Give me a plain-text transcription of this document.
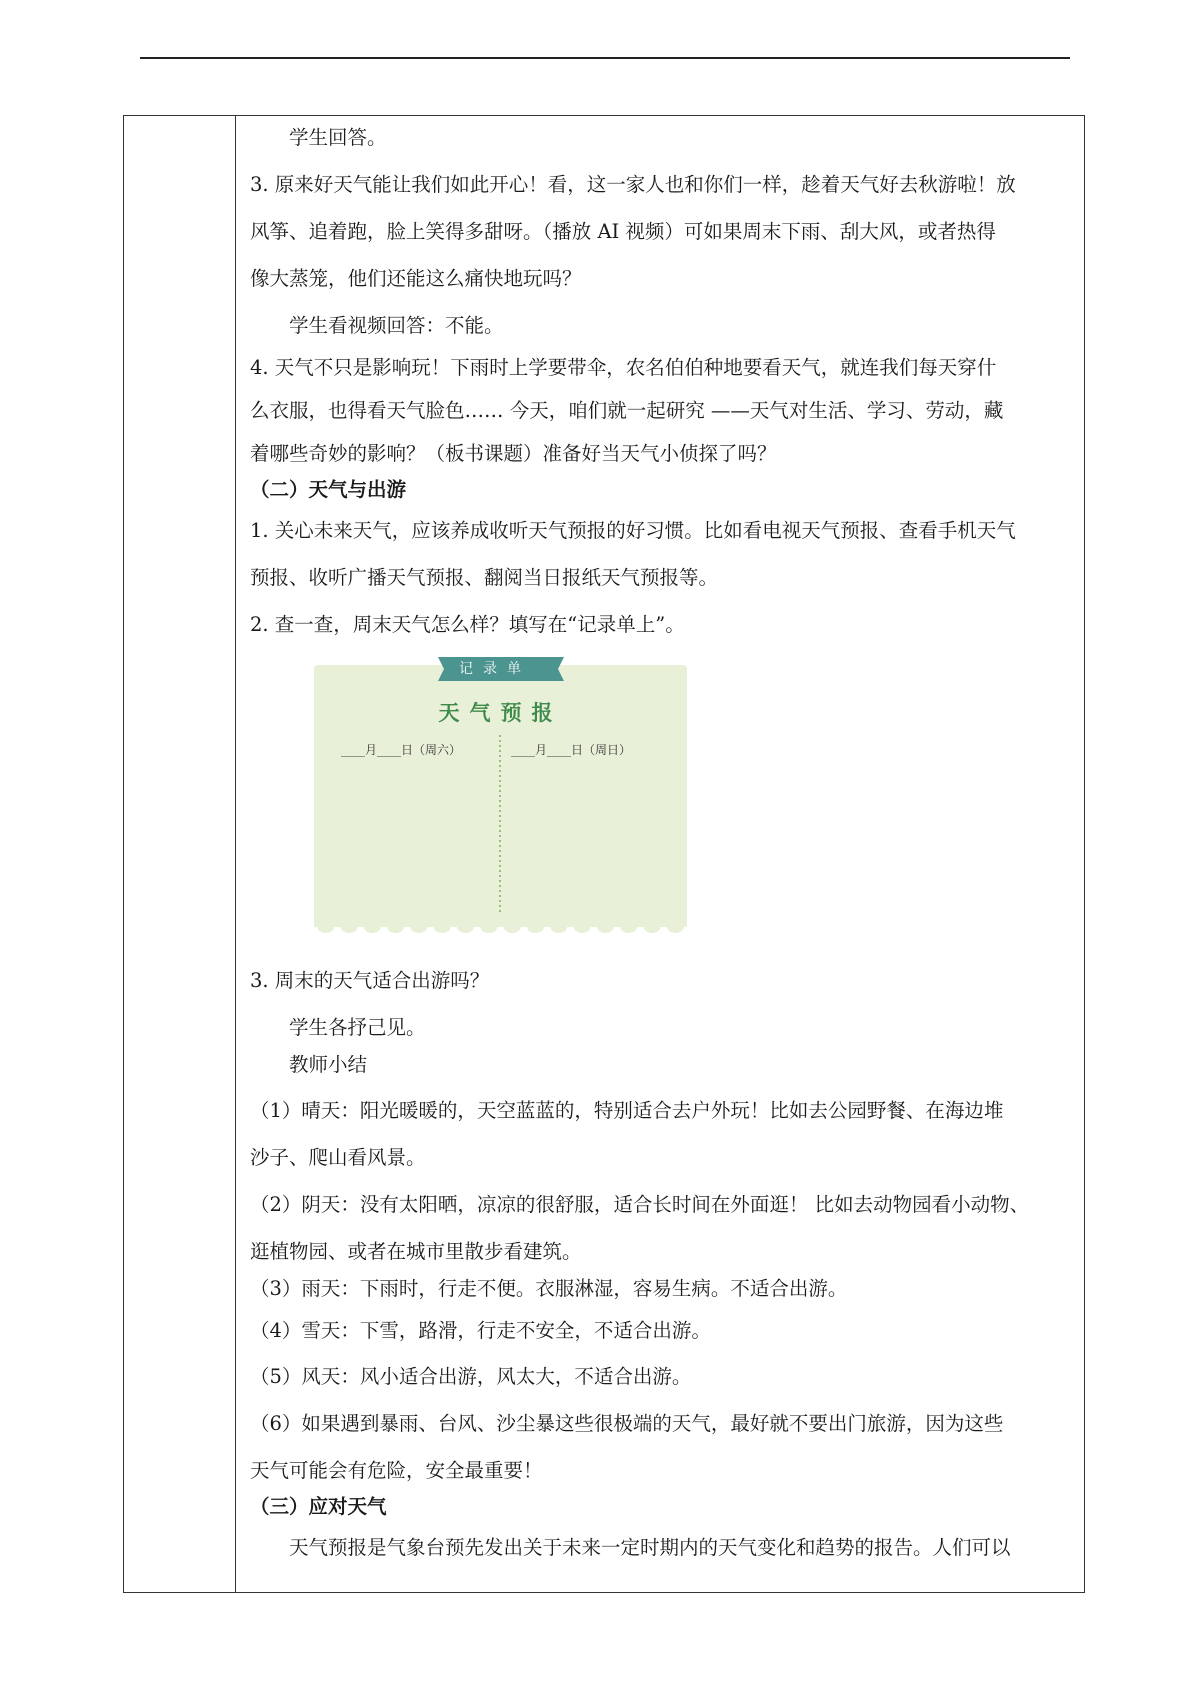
学生回答。
3. 原来好天气能让我们如此开心！看，这一家人也和你们一样，趁着天气好去秋游啦！放
风筝、追着跑，脸上笑得多甜呀。（播放 AI 视频）可如果周末下雨、刮大风，或者热得
像大蒸笼，他们还能这么痛快地玩吗？
学生看视频回答：不能。
4. 天气不只是影响玩！下雨时上学要带伞，农名伯伯种地要看天气，就连我们每天穿什
么衣服，也得看天气脸色…… 今天，咱们就一起研究 ——天气对生活、学习、劳动，藏
着哪些奇妙的影响？（板书课题）准备好当天气小侦探了吗？
（二）天气与出游
1. 关心未来天气，应该养成收听天气预报的好习惯。比如看电视天气预报、查看手机天气
预报、收听广播天气预报、翻阅当日报纸天气预报等。
2. 查一查，周末天气怎么样？填写在“记录单上”。
记录单
天气预报
____月____日（周六）	____月____日（周日）
3. 周末的天气适合出游吗？
学生各抒己见。
教师小结
（1）晴天：阳光暖暖的，天空蓝蓝的，特别适合去户外玩！比如去公园野餐、在海边堆
沙子、爬山看风景。
（2）阴天：没有太阳晒，凉凉的很舒服，适合长时间在外面逛！ 比如去动物园看小动物、
逛植物园、或者在城市里散步看建筑。
（3）雨天：下雨时，行走不便。衣服淋湿，容易生病。不适合出游。
（4）雪天：下雪，路滑，行走不安全，不适合出游。
（5）风天：风小适合出游，风太大，不适合出游。
（6）如果遇到暴雨、台风、沙尘暴这些很极端的天气，最好就不要出门旅游，因为这些
天气可能会有危险，安全最重要！
（三）应对天气
天气预报是气象台预先发出关于未来一定时期内的天气变化和趋势的报告。人们可以
